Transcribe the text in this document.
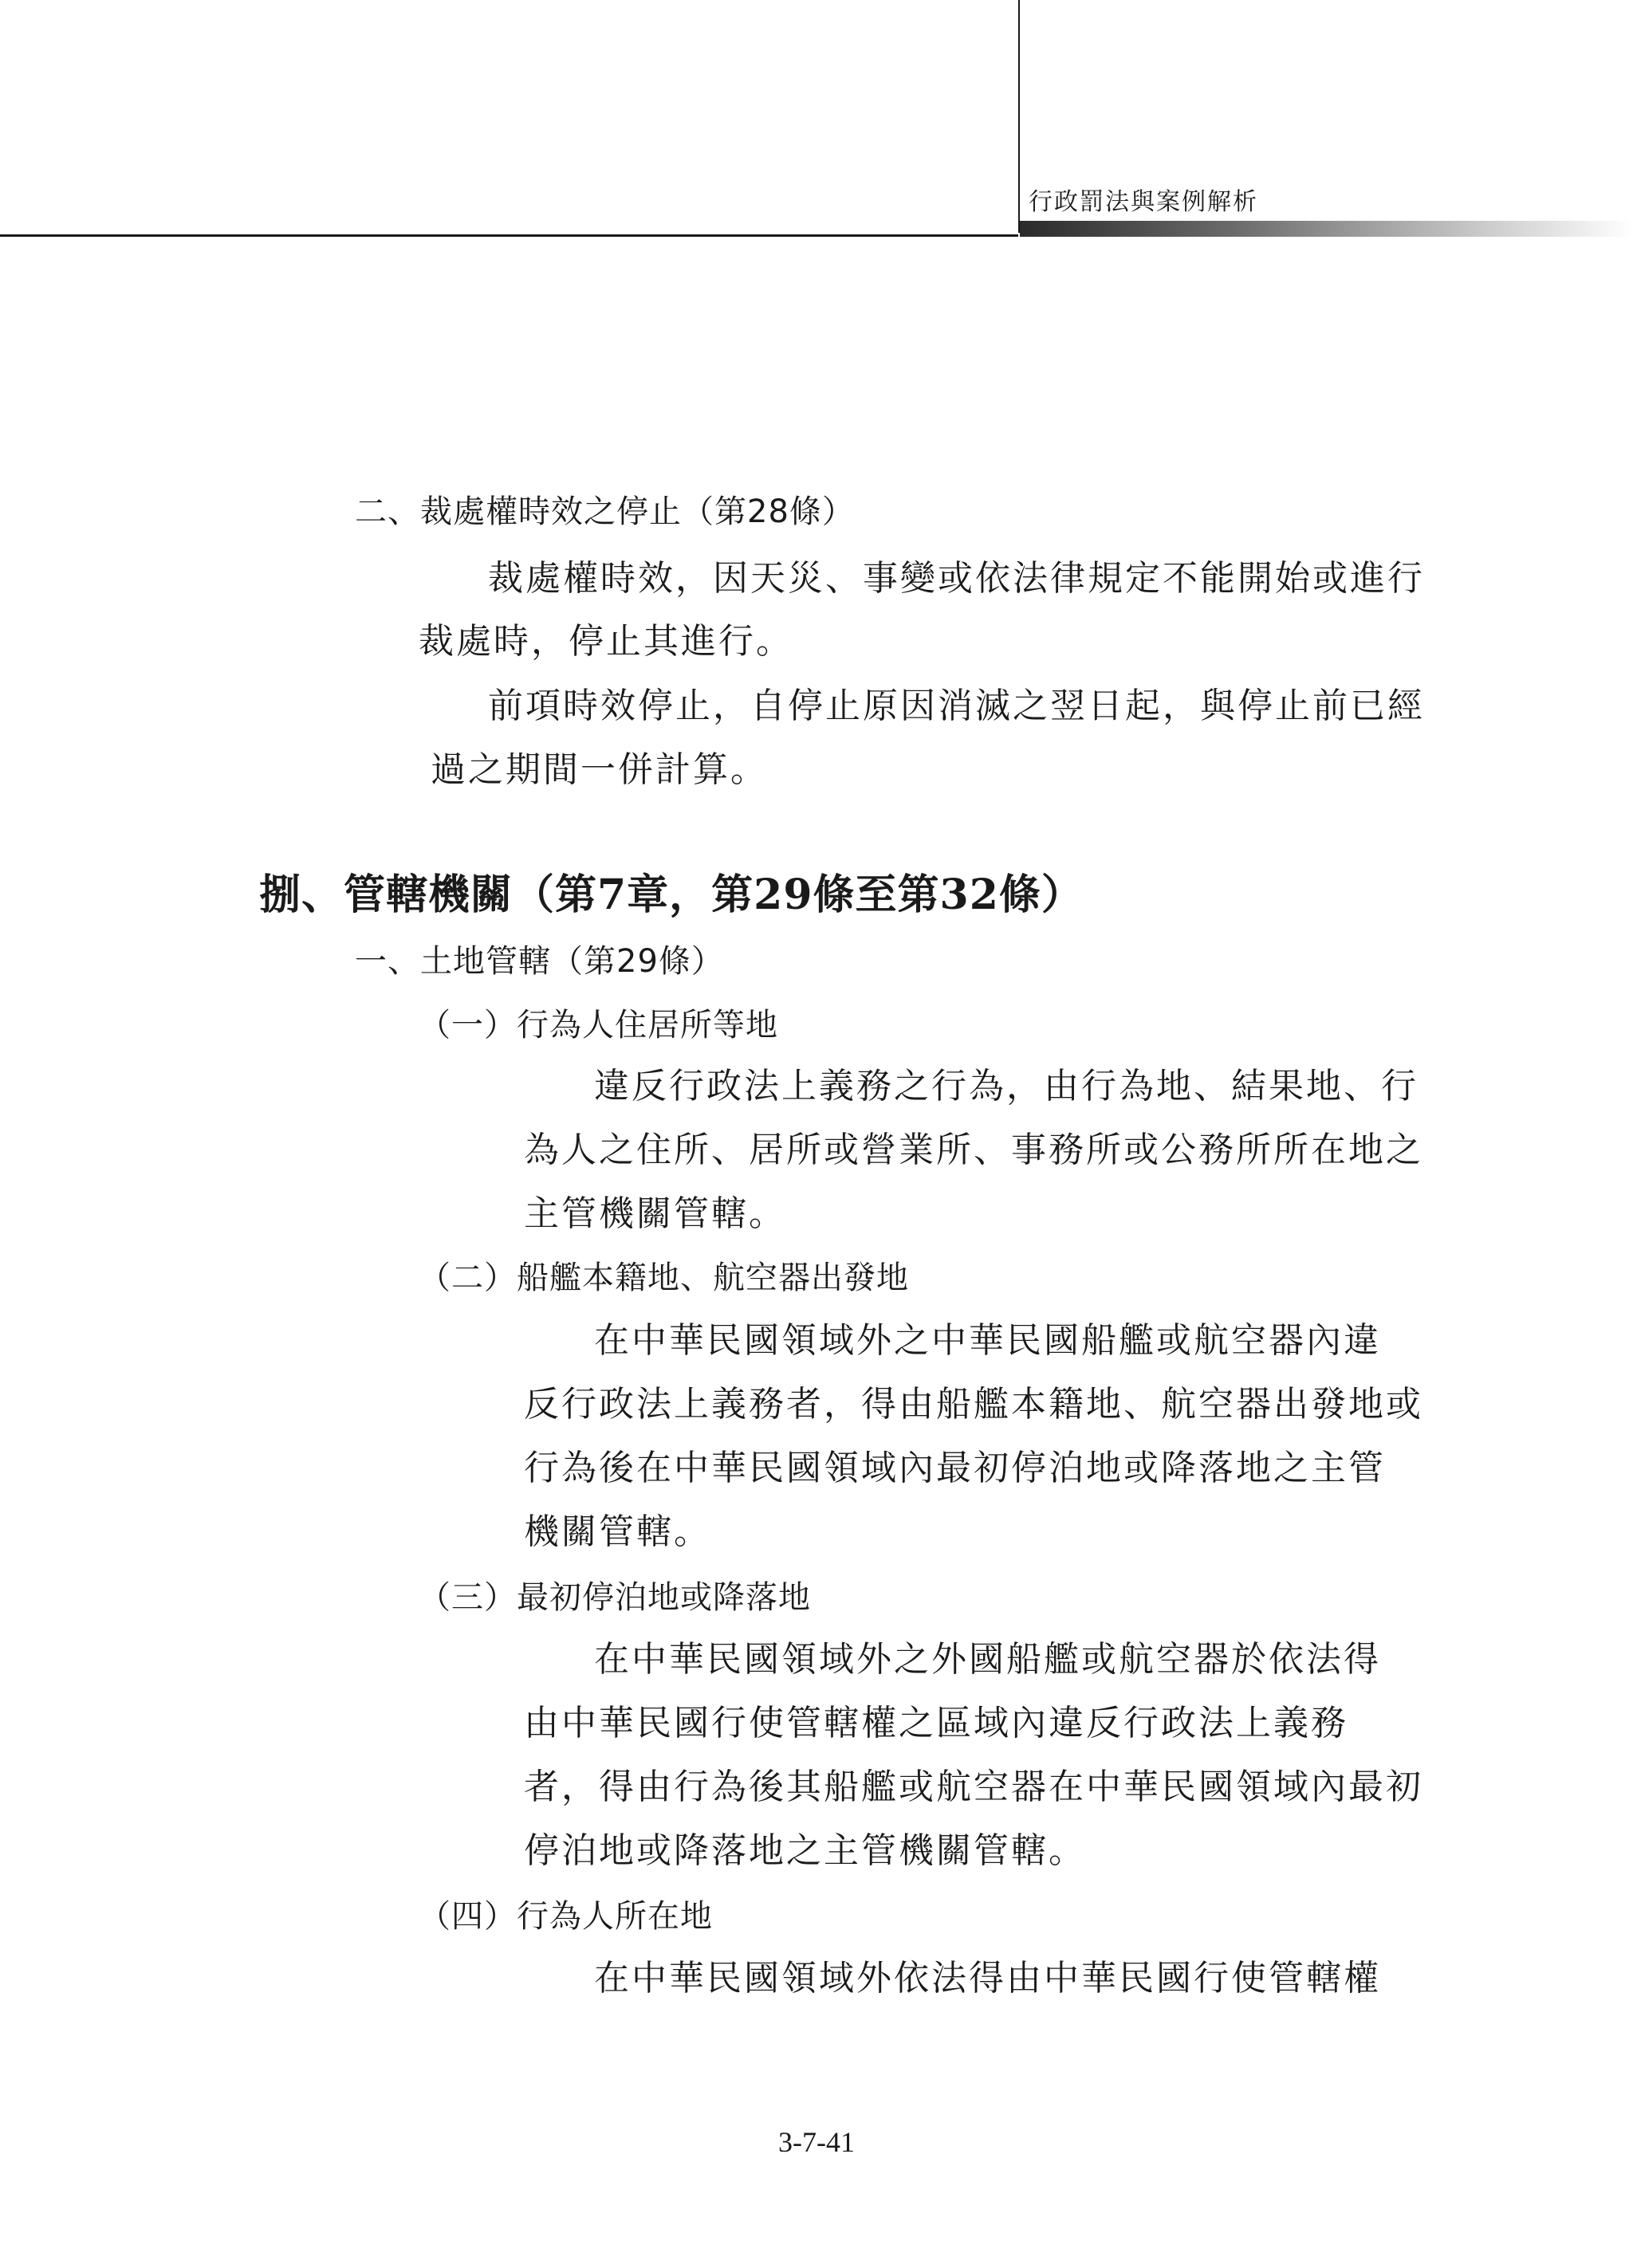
行政罰法與案例解析
二、裁處權時效之停止（第28條）
裁處權時效，因天災、事變或依法律規定不能開始或進行
裁處時，停止其進行。
前項時效停止，自停止原因消滅之翌日起，與停止前已經
過之期間一併計算。
捌、管轄機關（第7章，第29條至第32條）
一、土地管轄（第29條）
（一）行為人住居所等地
違反行政法上義務之行為，由行為地、結果地、行
為人之住所、居所或營業所、事務所或公務所所在地之
主管機關管轄。
（二）船艦本籍地、航空器出發地
在中華民國領域外之中華民國船艦或航空器內違
反行政法上義務者，得由船艦本籍地、航空器出發地或
行為後在中華民國領域內最初停泊地或降落地之主管
機關管轄。
（三）最初停泊地或降落地
在中華民國領域外之外國船艦或航空器於依法得
由中華民國行使管轄權之區域內違反行政法上義務
者，得由行為後其船艦或航空器在中華民國領域內最初
停泊地或降落地之主管機關管轄。
（四）行為人所在地
在中華民國領域外依法得由中華民國行使管轄權
3-7-41
